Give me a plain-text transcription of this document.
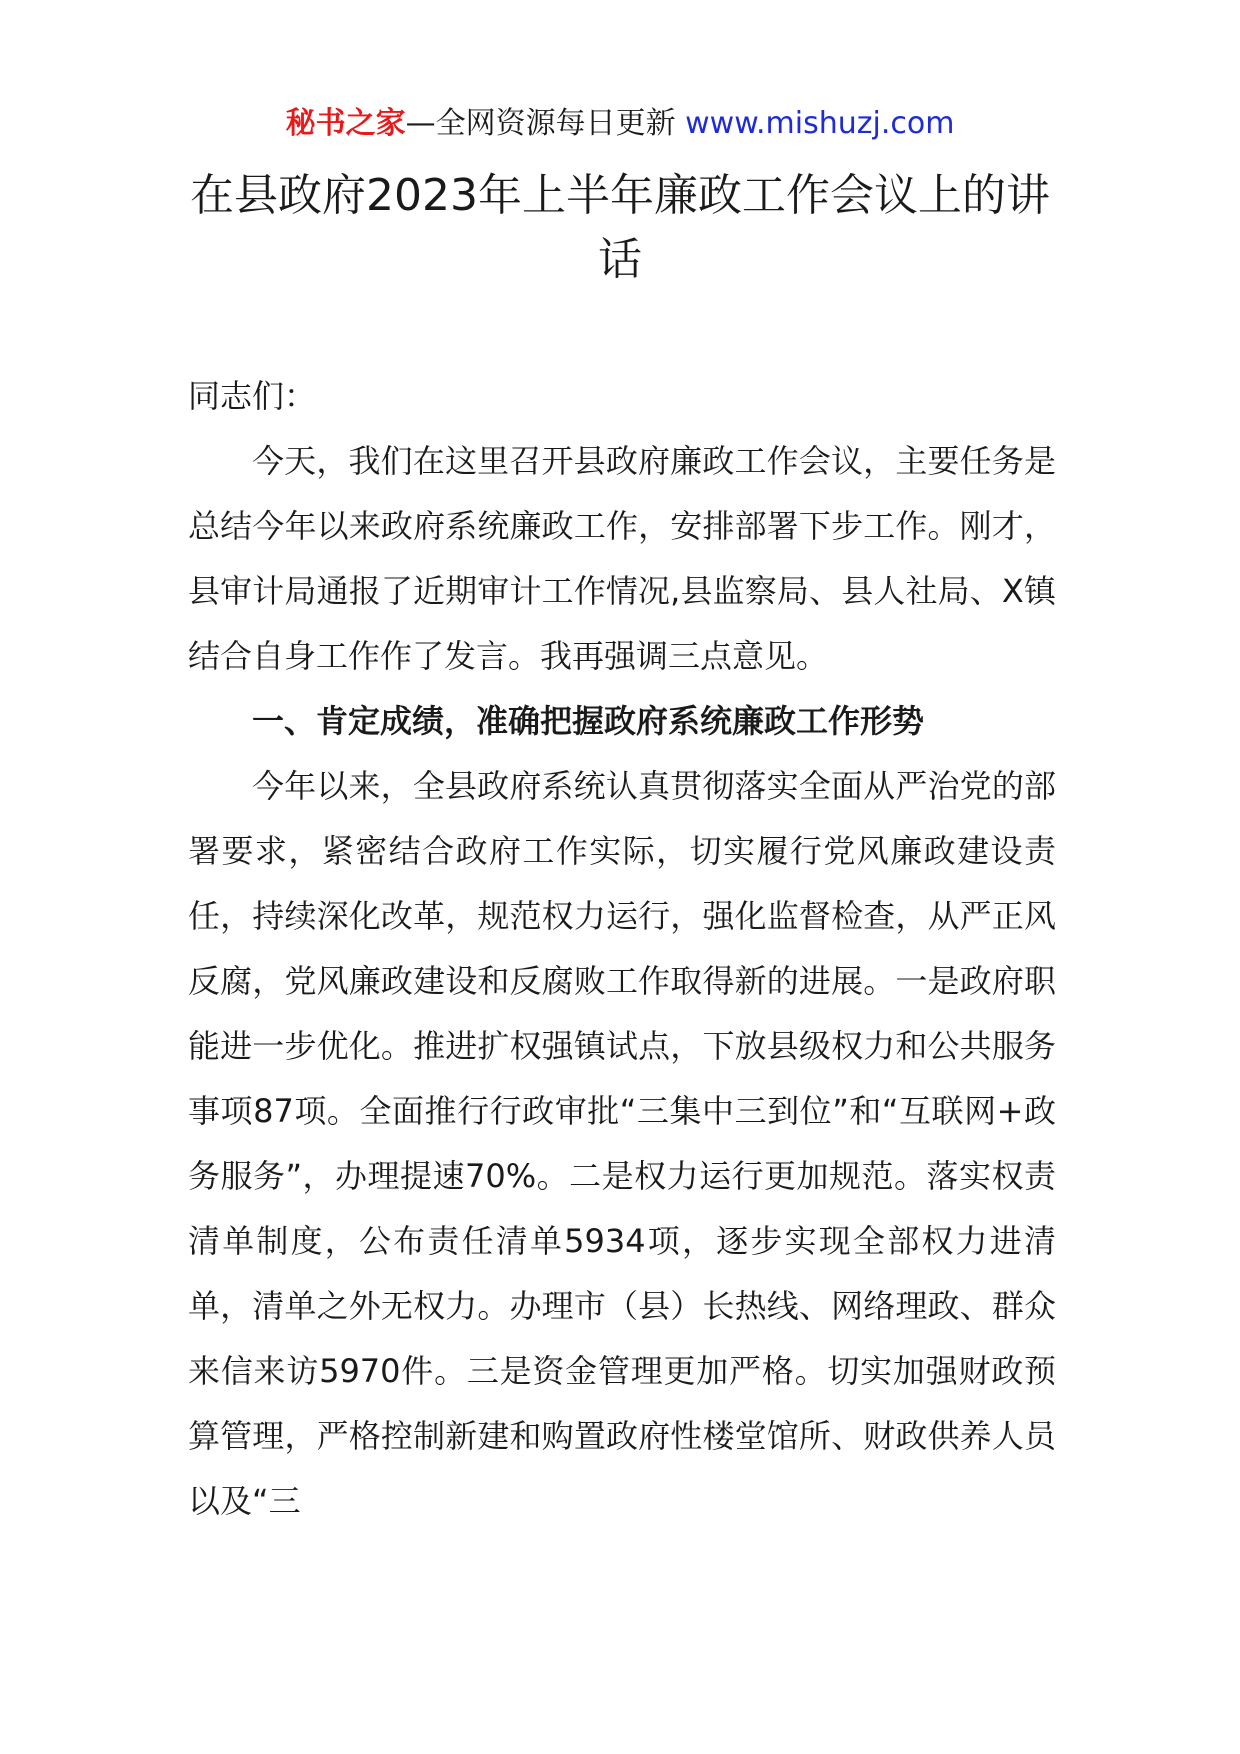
秘书之家—全网资源每日更新 www.mishuzj.com
在县政府2023年上半年廉政工作会议上的讲话

同志们：

今天，我们在这里召开县政府廉政工作会议，主要任务是总结今年以来政府系统廉政工作，安排部署下步工作。刚才，县审计局通报了近期审计工作情况,县监察局、县人社局、X镇结合自身工作作了发言。我再强调三点意见。

一、肯定成绩，准确把握政府系统廉政工作形势

今年以来，全县政府系统认真贯彻落实全面从严治党的部署要求，紧密结合政府工作实际，切实履行党风廉政建设责任，持续深化改革，规范权力运行，强化监督检查，从严正风反腐，党风廉政建设和反腐败工作取得新的进展。一是政府职能进一步优化。推进扩权强镇试点，下放县级权力和公共服务事项87项。全面推行行政审批“三集中三到位”和“互联网+政务服务”，办理提速70%。二是权力运行更加规范。落实权责清单制度，公布责任清单5934项，逐步实现全部权力进清单，清单之外无权力。办理市（县）长热线、网络理政、群众来信来访5970件。三是资金管理更加严格。切实加强财政预算管理，严格控制新建和购置政府性楼堂馆所、财政供养人员以及“三
